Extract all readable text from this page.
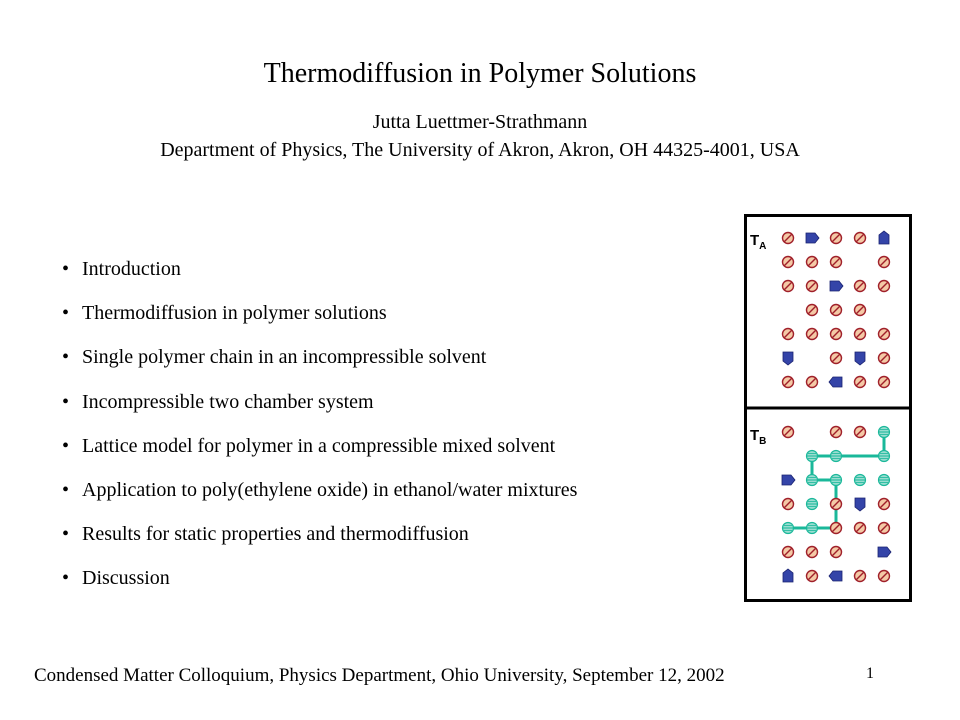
Thermodiffusion in Polymer Solutions
Jutta Luettmer-Strathmann
Department of Physics, The University of Akron, Akron, OH 44325-4001, USA
• Introduction
• Thermodiffusion in polymer solutions
• Single polymer chain in an incompressible solvent
• Incompressible two chamber system
• Lattice model for polymer in a compressible mixed solvent
• Application to poly(ethylene oxide) in ethanol/water mixtures
• Results for static properties and thermodiffusion
• Discussion
$T_A$
$T_B$
Condensed Matter Colloquium, Physics Department, Ohio University, September 12, 2002	1
